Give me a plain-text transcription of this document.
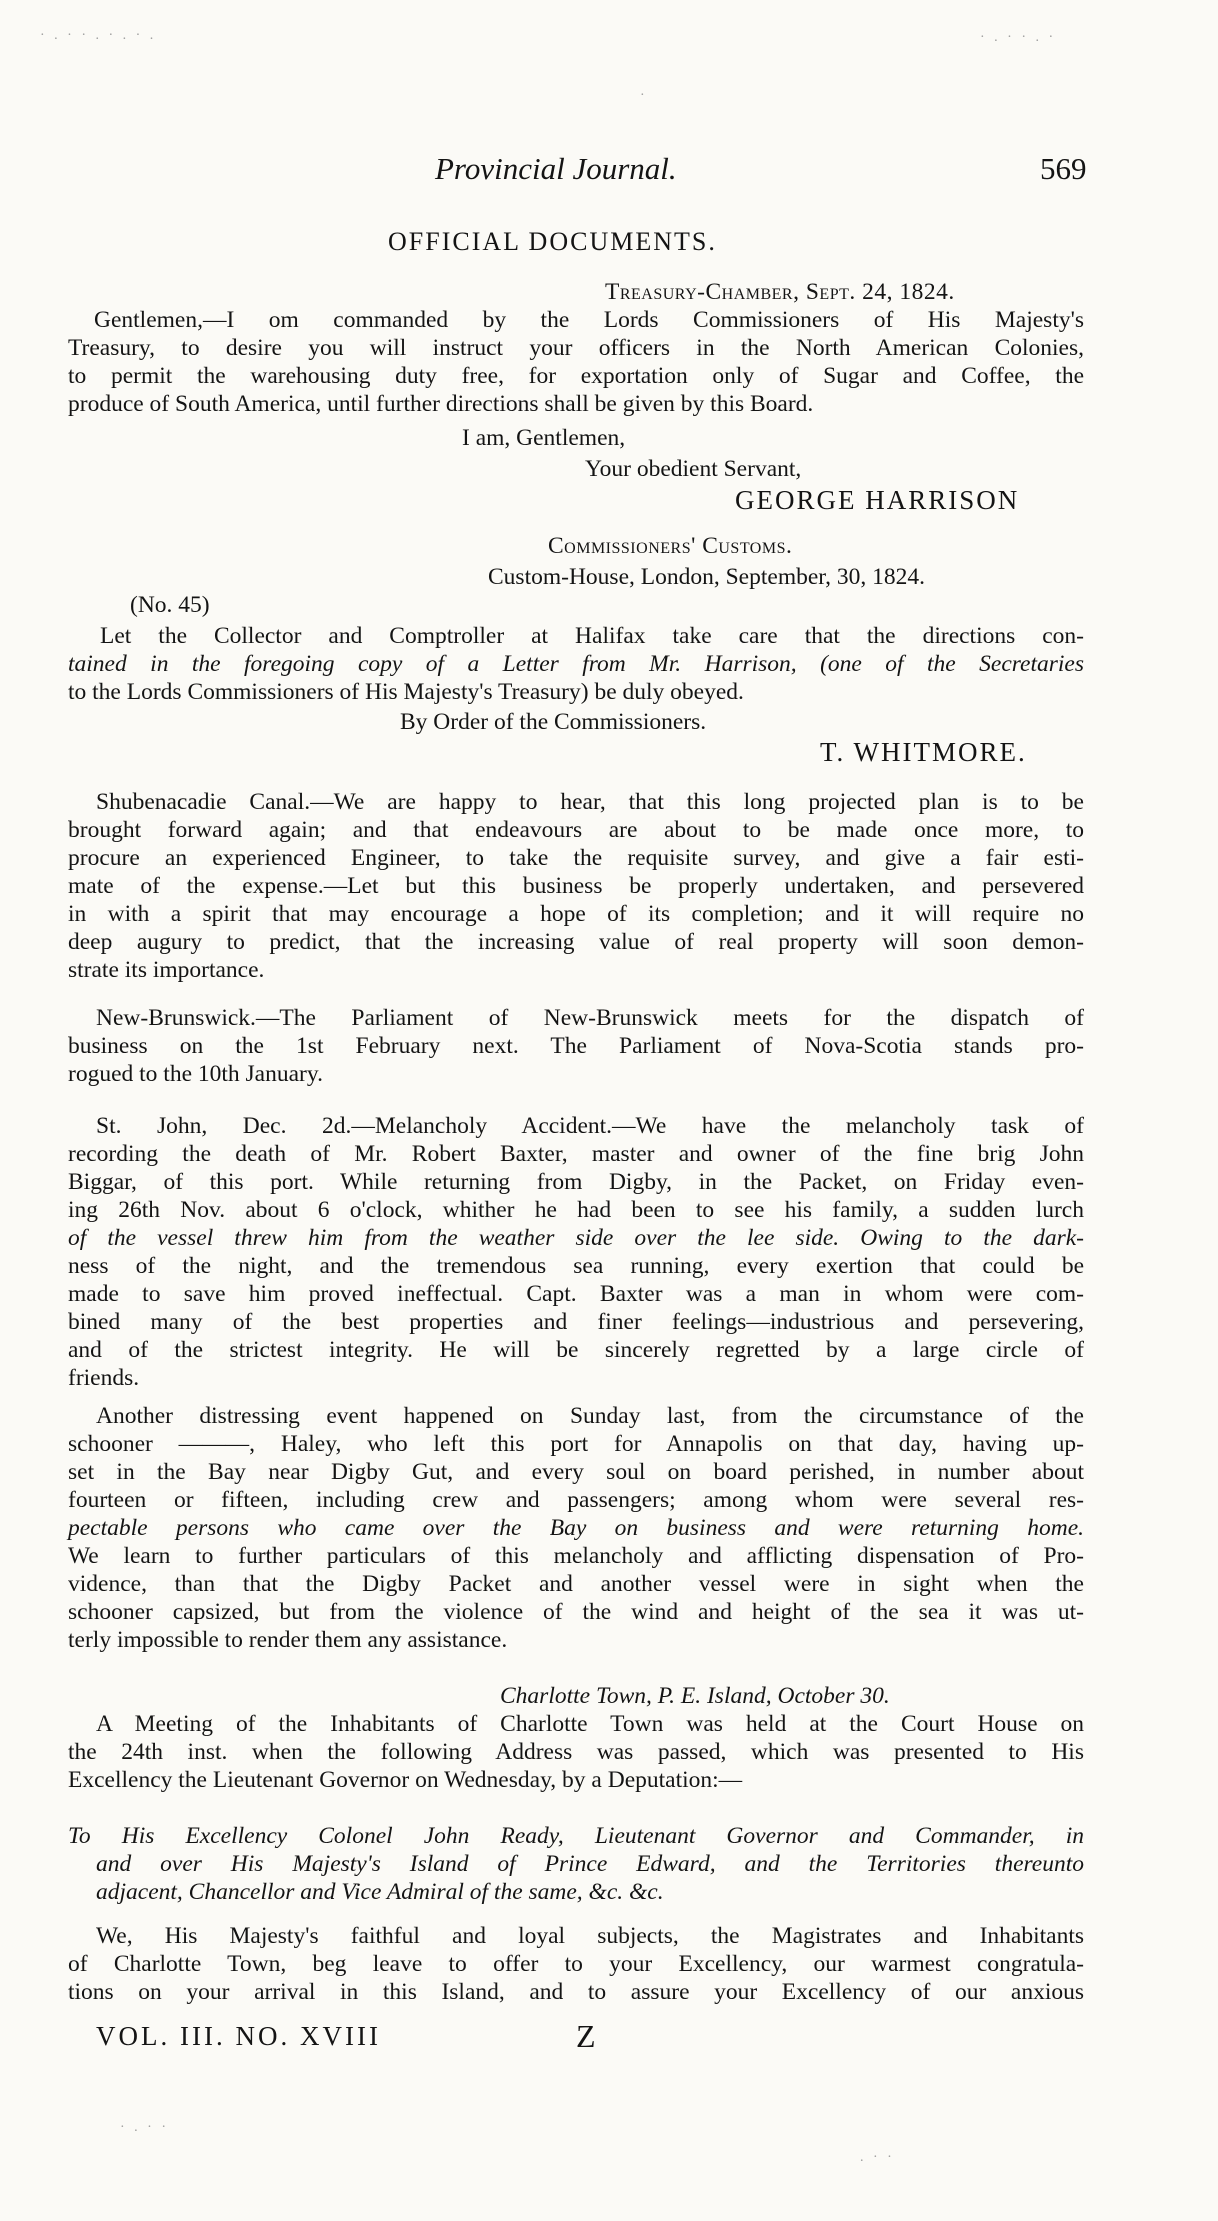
· . · · . · . · .
·
· . · · . ·
Provincial Journal.	569
OFFICIAL DOCUMENTS.
Treasury-Chamber, Sept. 24, 1824.
Gentlemen,—I om commanded by the Lords Commissioners of His Majesty's
Treasury, to desire you will instruct your officers in the North American Colonies,
to permit the warehousing duty free, for exportation only of Sugar and Coffee, the
produce of South America, until further directions shall be given by this Board.
I am, Gentlemen,
Your obedient Servant,
GEORGE HARRISON
Commissioners' Customs.
Custom-House, London, September, 30, 1824.
(No. 45)
Let the Collector and Comptroller at Halifax take care that the directions con-
tained in the foregoing copy of a Letter from Mr. Harrison, (one of the Secretaries
to the Lords Commissioners of His Majesty's Treasury) be duly obeyed.
By Order of the Commissioners.
T. WHITMORE.
Shubenacadie Canal.—We are happy to hear, that this long projected plan is to be
brought forward again; and that endeavours are about to be made once more, to
procure an experienced Engineer, to take the requisite survey, and give a fair esti-
mate of the expense.—Let but this business be properly undertaken, and persevered
in with a spirit that may encourage a hope of its completion; and it will require no
deep augury to predict, that the increasing value of real property will soon demon-
strate its importance.
New-Brunswick.—The Parliament of New-Brunswick meets for the dispatch of
business on the 1st February next. The Parliament of Nova-Scotia stands pro-
rogued to the 10th January.
St. John, Dec. 2d.—Melancholy Accident.—We have the melancholy task of
recording the death of Mr. Robert Baxter, master and owner of the fine brig John
Biggar, of this port. While returning from Digby, in the Packet, on Friday even-
ing 26th Nov. about 6 o'clock, whither he had been to see his family, a sudden lurch
of the vessel threw him from the weather side over the lee side. Owing to the dark-
ness of the night, and the tremendous sea running, every exertion that could be
made to save him proved ineffectual. Capt. Baxter was a man in whom were com-
bined many of the best properties and finer feelings—industrious and persevering,
and of the strictest integrity. He will be sincerely regretted by a large circle of
friends.
Another distressing event happened on Sunday last, from the circumstance of the
schooner ———, Haley, who left this port for Annapolis on that day, having up-
set in the Bay near Digby Gut, and every soul on board perished, in number about
fourteen or fifteen, including crew and passengers; among whom were several res-
pectable persons who came over the Bay on business and were returning home.
We learn to further particulars of this melancholy and afflicting dispensation of Pro-
vidence, than that the Digby Packet and another vessel were in sight when the
schooner capsized, but from the violence of the wind and height of the sea it was ut-
terly impossible to render them any assistance.
Charlotte Town, P. E. Island, October 30.
A Meeting of the Inhabitants of Charlotte Town was held at the Court House on
the 24th inst. when the following Address was passed, which was presented to His
Excellency the Lieutenant Governor on Wednesday, by a Deputation:—
To His Excellency Colonel John Ready, Lieutenant Governor and Commander, in
and over His Majesty's Island of Prince Edward, and the Territories thereunto
adjacent, Chancellor and Vice Admiral of the same, &c. &c.
We, His Majesty's faithful and loyal subjects, the Magistrates and Inhabitants
of Charlotte Town, beg leave to offer to your Excellency, our warmest congratula-
tions on your arrival in this Island, and to assure your Excellency of our anxious
VOL. III. NO. XVIII	Z
· . · ·
. · ·
